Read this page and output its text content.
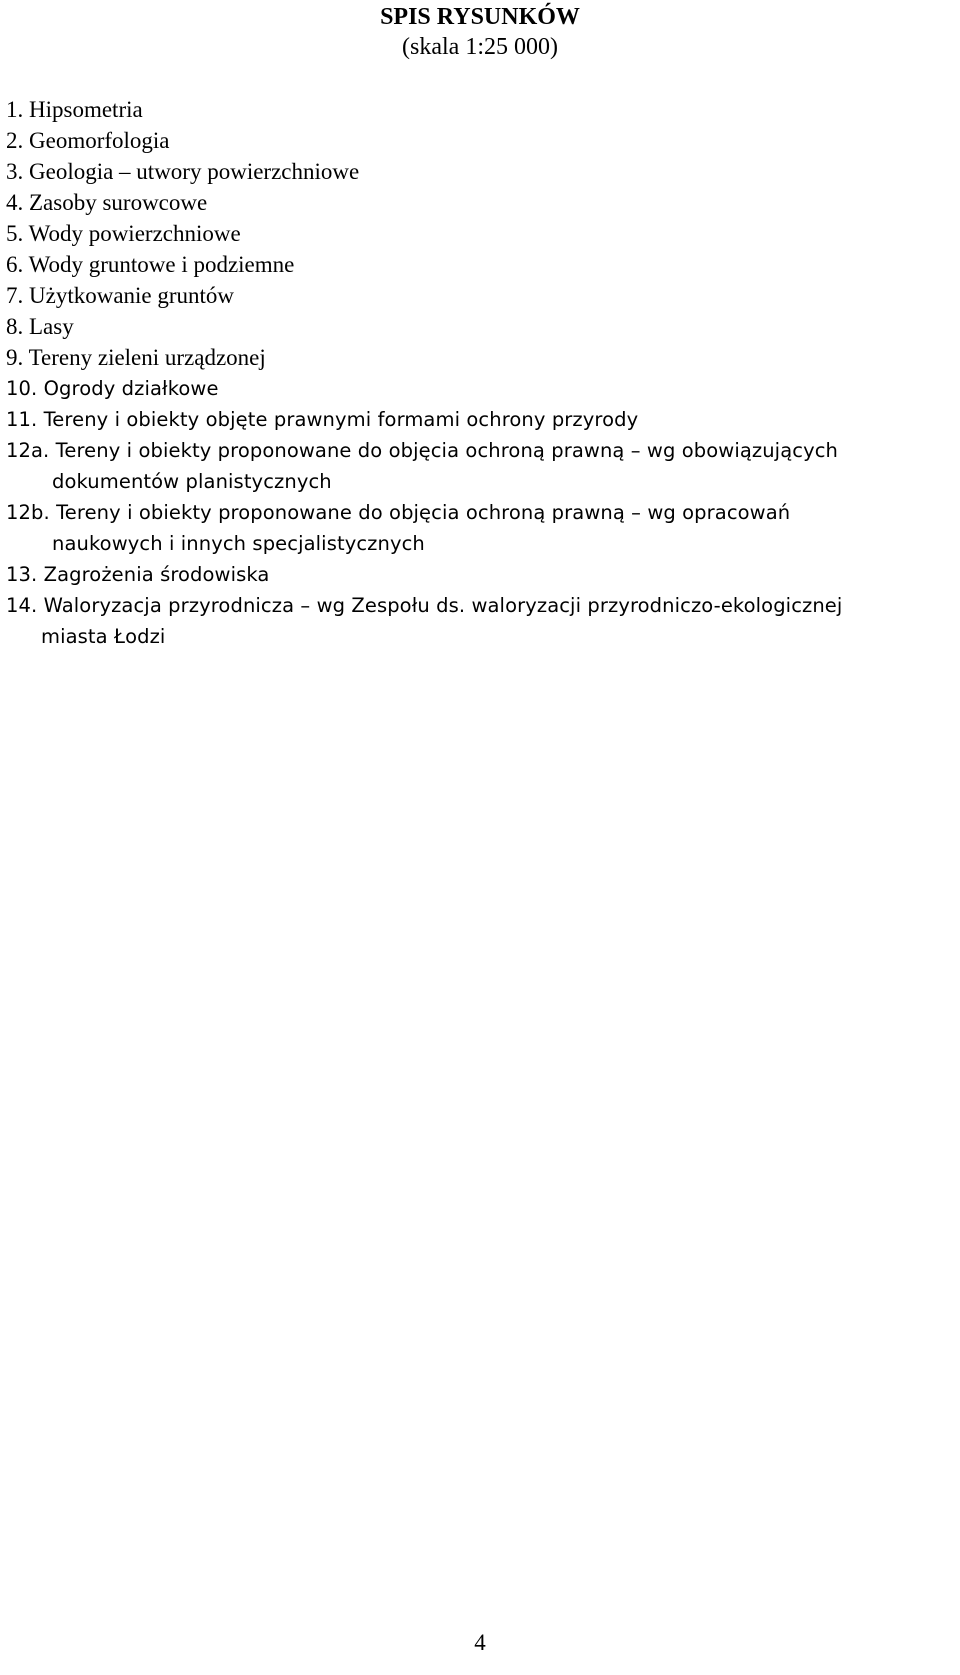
SPIS RYSUNKÓW
(skala 1:25 000)
1. Hipsometria
2. Geomorfologia
3. Geologia – utwory powierzchniowe
4. Zasoby surowcowe
5. Wody powierzchniowe
6. Wody gruntowe i podziemne
7. Użytkowanie gruntów
8. Lasy
9. Tereny zieleni urządzonej
10. Ogrody działkowe
11. Tereny i obiekty objęte prawnymi formami ochrony przyrody
12a. Tereny i obiekty proponowane do objęcia ochroną prawną – wg obowiązujących
dokumentów planistycznych
12b. Tereny i obiekty proponowane do objęcia ochroną prawną – wg opracowań
naukowych i innych specjalistycznych
13. Zagrożenia środowiska
14. Waloryzacja przyrodnicza – wg Zespołu ds. waloryzacji przyrodniczo-ekologicznej
miasta Łodzi
4
